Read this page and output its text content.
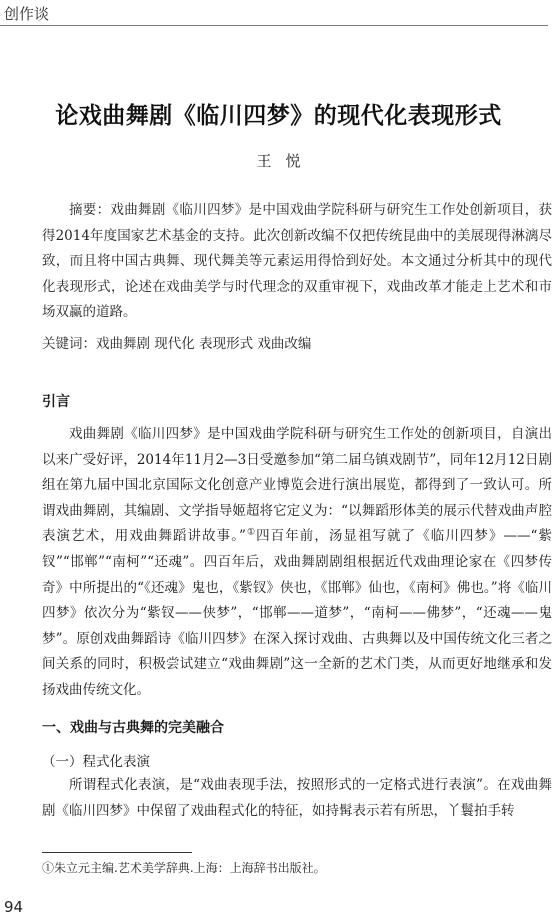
创作谈
论戏曲舞剧《临川四梦》的现代化表现形式
王悦
摘要：戏曲舞剧《临川四梦》是中国戏曲学院科研与研究生工作处创新项目，获得2014年度国家艺术基金的支持。此次创新改编不仅把传统昆曲中的美展现得淋漓尽致，而且将中国古典舞、现代舞美等元素运用得恰到好处。本文通过分析其中的现代化表现形式，论述在戏曲美学与时代理念的双重审视下，戏曲改革才能走上艺术和市场双赢的道路。
关键词：戏曲舞剧 现代化 表现形式 戏曲改编
引言

戏曲舞剧《临川四梦》是中国戏曲学院科研与研究生工作处的创新项目，自演出以来广受好评，2014年11月2—3日受邀参加“第二届乌镇戏剧节”，同年12月12日剧组在第九届中国北京国际文化创意产业博览会进行演出展览，都得到了一致认可。所谓戏曲舞剧，其编剧、文学指导姬超将它定义为：“以舞蹈形体美的展示代替戏曲声腔表演艺术，用戏曲舞蹈讲故事。”①四百年前，汤显祖写就了《临川四梦》——“紫钗”“邯郸”“南柯”“还魂”。四百年后，戏曲舞剧剧组根据近代戏曲理论家在《四梦传奇》中所提出的“《还魂》鬼也，《紫钗》侠也，《邯郸》仙也，《南柯》佛也。”将《临川四梦》依次分为“紫钗——侠梦”，“邯郸——道梦”，“南柯——佛梦”，“还魂——鬼梦”。原创戏曲舞蹈诗《临川四梦》在深入探讨戏曲、古典舞以及中国传统文化三者之间关系的同时，积极尝试建立“戏曲舞剧”这一全新的艺术门类，从而更好地继承和发扬戏曲传统文化。

一、戏曲与古典舞的完美融合
（一）程式化表演

所谓程式化表演，是“戏曲表现手法，按照形式的一定格式进行表演”。在戏曲舞剧《临川四梦》中保留了戏曲程式化的特征，如持髯表示若有所思，丫鬟拍手转

①朱立元主编.艺术美学辞典.上海：上海辞书出版社。
94
